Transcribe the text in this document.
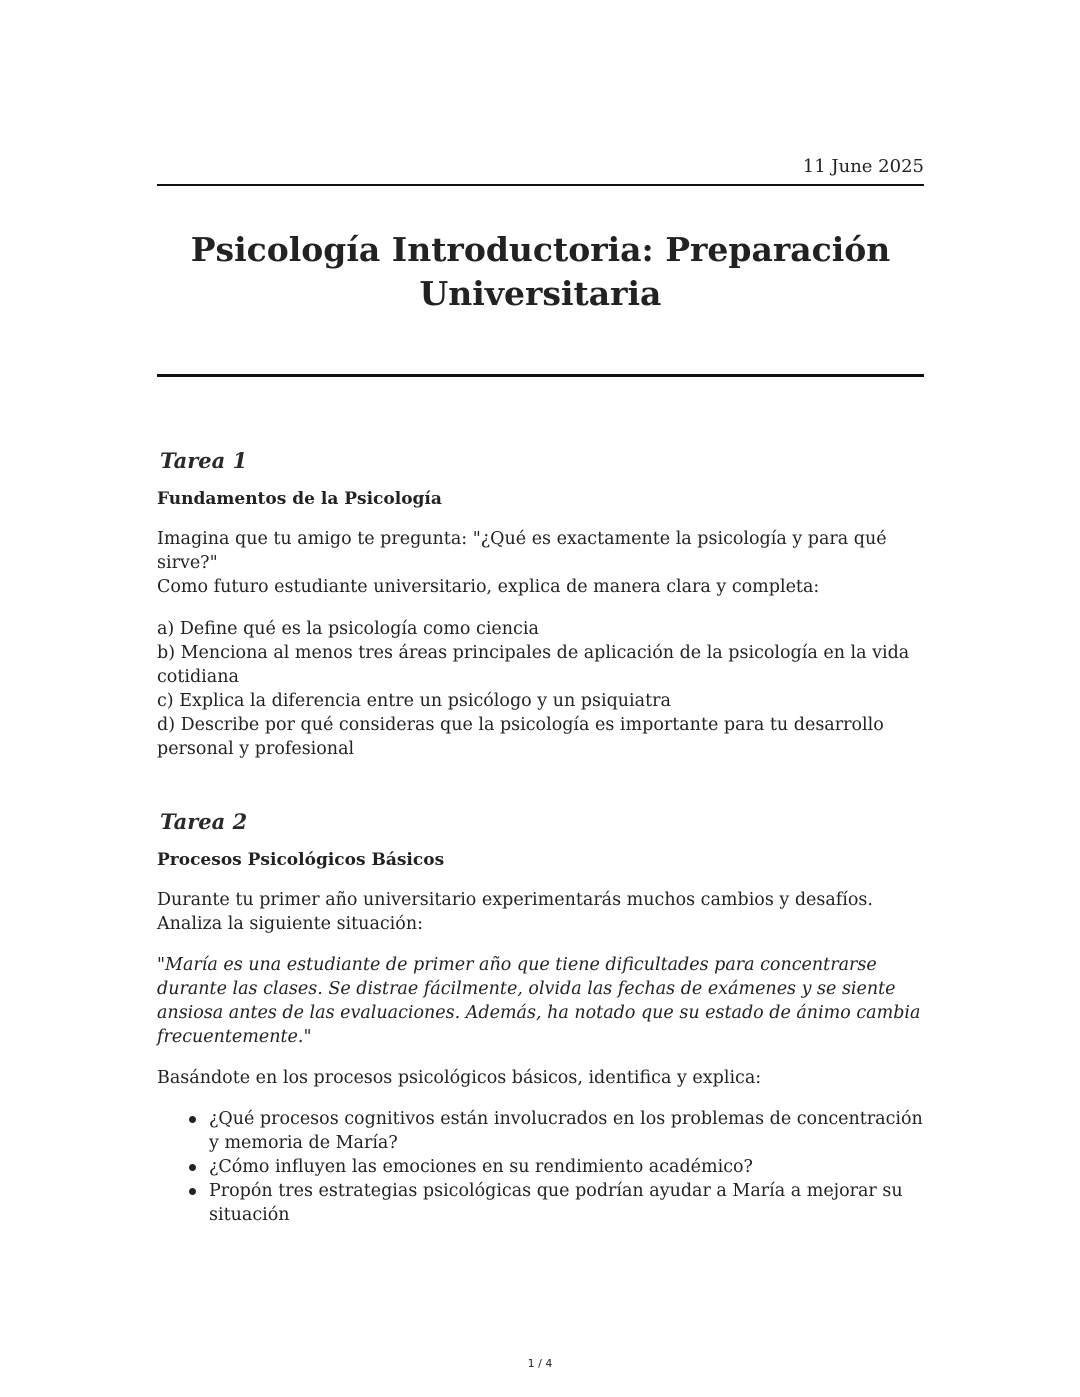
11 June 2025
Psicología Introductoria: Preparación
Universitaria
Tarea 1
Fundamentos de la Psicología

Imagina que tu amigo te pregunta: "¿Qué es exactamente la psicología y para qué sirve?"

Como futuro estudiante universitario, explica de manera clara y completa:

a) Define qué es la psicología como ciencia

b) Menciona al menos tres áreas principales de aplicación de la psicología en la vida cotidiana

c) Explica la diferencia entre un psicólogo y un psiquiatra

d) Describe por qué consideras que la psicología es importante para tu desarrollo personal y profesional

Tarea 2
Procesos Psicológicos Básicos

Durante tu primer año universitario experimentarás muchos cambios y desafíos. Analiza la siguiente situación:

"María es una estudiante de primer año que tiene dificultades para concentrarse durante las clases. Se distrae fácilmente, olvida las fechas de exámenes y se siente ansiosa antes de las evaluaciones. Además, ha notado que su estado de ánimo cambia frecuentemente."

Basándote en los procesos psicológicos básicos, identifica y explica:

¿Qué procesos cognitivos están involucrados en los problemas de concentración y memoria de María?
¿Cómo influyen las emociones en su rendimiento académico?
Propón tres estrategias psicológicas que podrían ayudar a María a mejorar su situación
1 / 4
